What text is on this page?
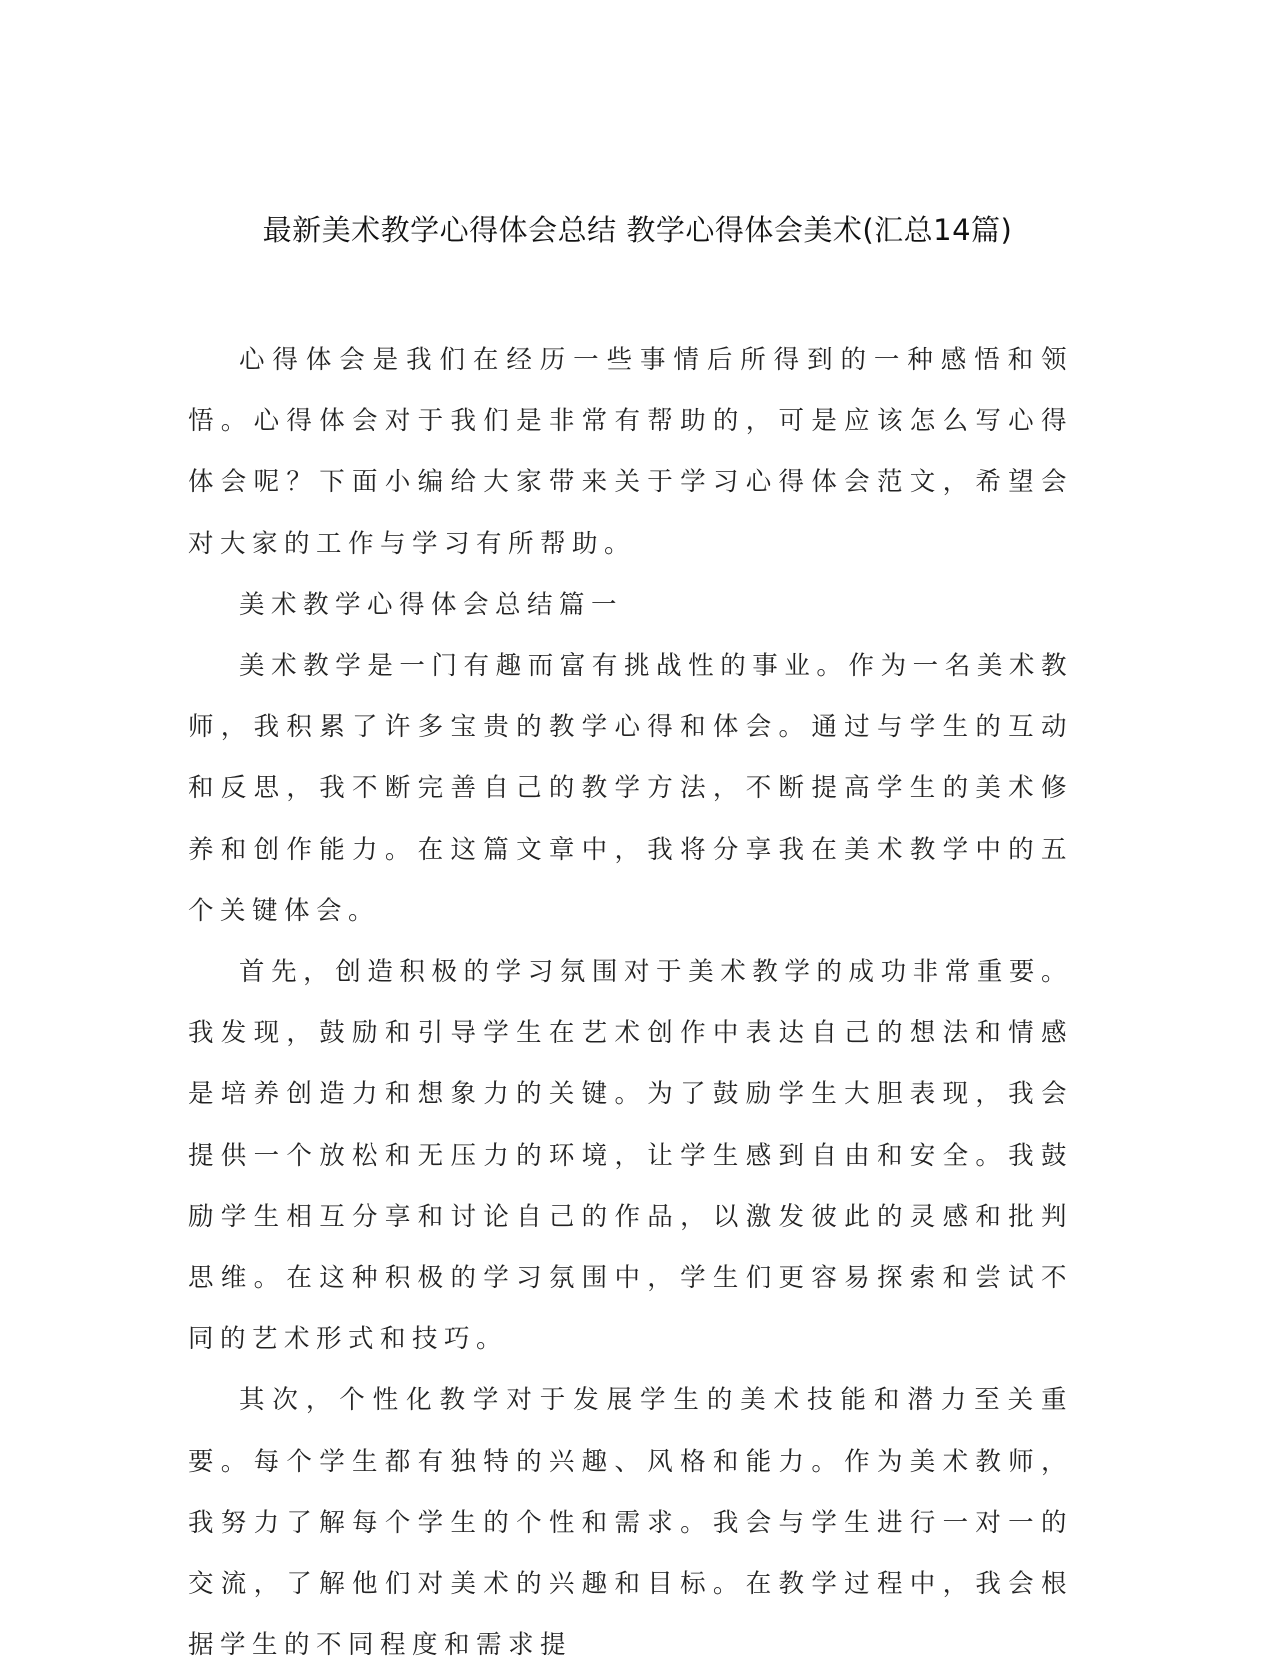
最新美术教学心得体会总结 教学心得体会美术(汇总14篇)

心得体会是我们在经历一些事情后所得到的一种感悟和领悟。心得体会对于我们是非常有帮助的，可是应该怎么写心得体会呢？下面小编给大家带来关于学习心得体会范文，希望会对大家的工作与学习有所帮助。

美术教学心得体会总结篇一

美术教学是一门有趣而富有挑战性的事业。作为一名美术教师，我积累了许多宝贵的教学心得和体会。通过与学生的互动和反思，我不断完善自己的教学方法，不断提高学生的美术修养和创作能力。在这篇文章中，我将分享我在美术教学中的五个关键体会。

首先，创造积极的学习氛围对于美术教学的成功非常重要。我发现，鼓励和引导学生在艺术创作中表达自己的想法和情感是培养创造力和想象力的关键。为了鼓励学生大胆表现，我会提供一个放松和无压力的环境，让学生感到自由和安全。我鼓励学生相互分享和讨论自己的作品，以激发彼此的灵感和批判思维。在这种积极的学习氛围中，学生们更容易探索和尝试不同的艺术形式和技巧。

其次，个性化教学对于发展学生的美术技能和潜力至关重要。每个学生都有独特的兴趣、风格和能力。作为美术教师，我努力了解每个学生的个性和需求。我会与学生进行一对一的交流，了解他们对美术的兴趣和目标。在教学过程中，我会根据学生的不同程度和需求提
